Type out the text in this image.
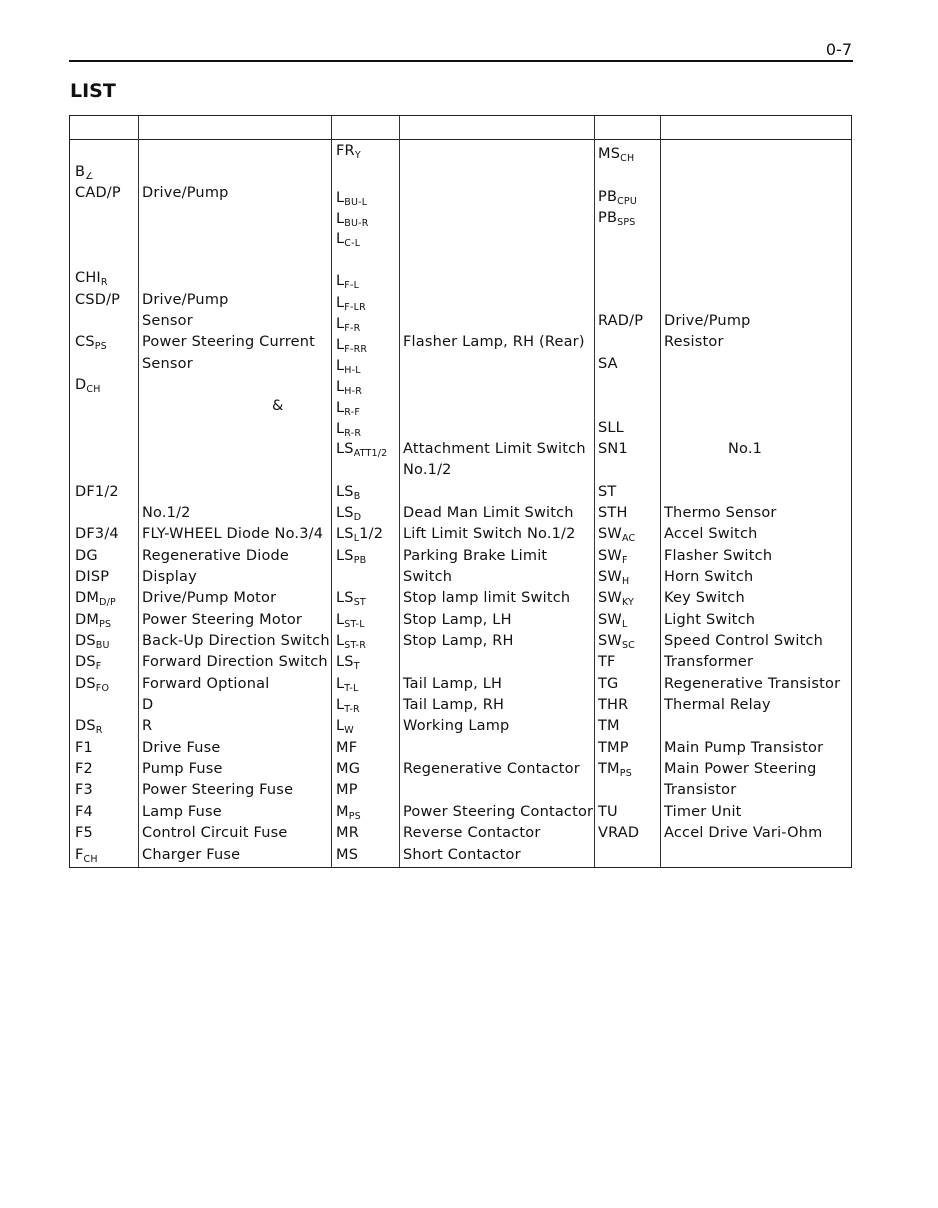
0-7
LIST
$B_\angle$
CAD/P
$CHI_R$
CSD/P
$CS_{PS}$
$D_{CH}$
DF1/2
DF3/4
DG
DISP
$DM_{D/P}$
$DM_{PS}$
$DS_{BU}$
$DS_F$
$DS_{FO}$
$DS_R$
F1
F2
F3
F4
F5
$F_{CH}$
Drive/Pump
Drive/Pump
Sensor
Power Steering Current
Sensor
&
No.1/2
FLY-WHEEL Diode No.3/4
Regenerative Diode
Display
Drive/Pump Motor
Power Steering Motor
Back-Up Direction Switch
Forward Direction Switch
Forward Optional
D
R
Drive Fuse
Pump Fuse
Power Steering Fuse
Lamp Fuse
Control Circuit Fuse
Charger Fuse
$FR_Y$
$L_{BU-L}$
$L_{BU-R}$
$L_{C-L}$
$L_{F-L}$
$L_{F-LR}$
$L_{F-R}$
$L_{F-RR}$
$L_{H-L}$
$L_{H-R}$
$L_{R-F}$
$L_{R-R}$
$LS_{ATT1/2}$
$LS_B$
$LS_D$
$LS_L1/2$
$LS_{PB}$
$LS_{ST}$
$L_{ST-L}$
$L_{ST-R}$
$LS_T$
$L_{T-L}$
$L_{T-R}$
$L_W$
MF
MG
MP
$M_{PS}$
MR
MS
Flasher Lamp, RH (Rear)
Attachment Limit Switch
No.1/2
Dead Man Limit Switch
Lift Limit Switch No.1/2
Parking Brake Limit
Switch
Stop lamp limit Switch
Stop Lamp, LH
Stop Lamp, RH
Tail Lamp, LH
Tail Lamp, RH
Working Lamp
Regenerative Contactor
Power Steering Contactor
Reverse Contactor
Short Contactor
$MS_{CH}$
$PB_{CPU}$
$PB_{SPS}$
RAD/P
SA
SLL
SN1
ST
STH
$SW_{AC}$
$SW_F$
$SW_H$
$SW_{KY}$
$SW_L$
$SW_{SC}$
TF
TG
THR
TM
TMP
$TM_{PS}$
TU
VRAD
Drive/Pump
Resistor
No.1
Thermo Sensor
Accel Switch
Flasher Switch
Horn Switch
Key Switch
Light Switch
Speed Control Switch
Transformer
Regenerative Transistor
Thermal Relay
Main Pump Transistor
Main Power Steering
Transistor
Timer Unit
Accel Drive Vari-Ohm
